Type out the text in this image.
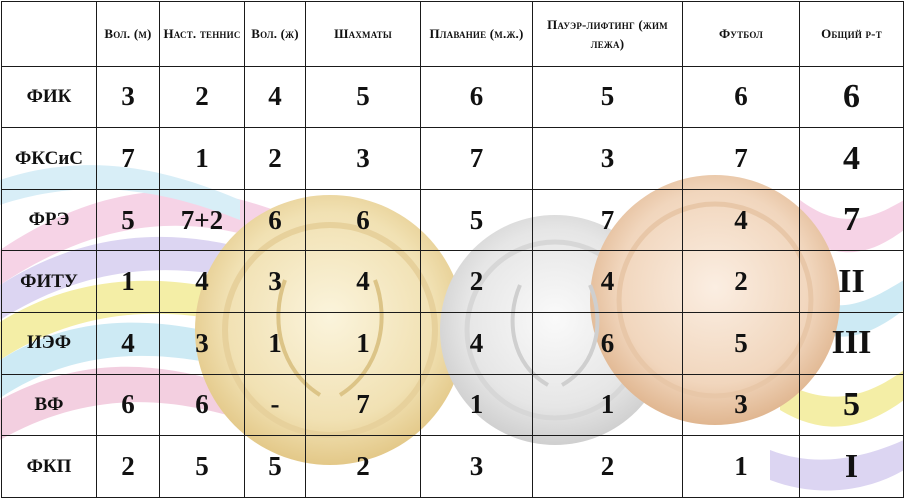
	Вол. (м)	Наст. теннис	Вол. (ж)	Шахматы	Плавание (м.ж.)	Пауэр-лифтинг (жим лежа)	Футбол	Общий р-т
ФИК	3	2	4	5	6	5	6	6
ФКСиС	7	1	2	3	7	3	7	4
ФРЭ	5	7+2	6	6	5	7	4	7
ФИТУ	1	4	3	4	2	4	2	II
ИЭФ	4	3	1	1	4	6	5	III
ВФ	6	6	-	7	1	1	3	5
ФКП	2	5	5	2	3	2	1	I
